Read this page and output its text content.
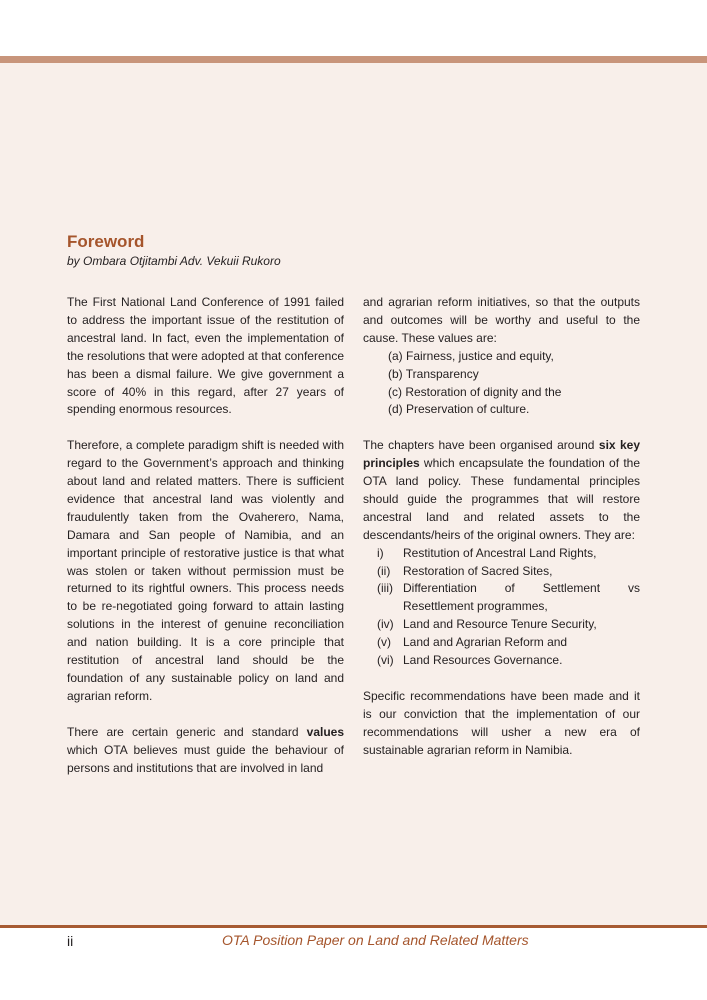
Foreword
by Ombara Otjitambi Adv. Vekuii Rukoro

The First National Land Conference of 1991 failed to address the important issue of the restitution of ancestral land. In fact, even the implementation of the resolutions that were adopted at that conference has been a dismal failure. We give government a score of 40% in this regard, after 27 years of spending enormous resources.

Therefore, a complete paradigm shift is needed with regard to the Government’s approach and thinking about land and related matters. There is sufficient evidence that ancestral land was violently and fraudulently taken from the Ovaherero, Nama, Damara and San people of Namibia, and an important principle of restorative justice is that what was stolen or taken without permission must be returned to its rightful owners. This process needs to be re-negotiated going forward to attain lasting solutions in the interest of genuine reconciliation and nation building. It is a core principle that restitution of ancestral land should be the foundation of any sustainable policy on land and agrarian reform.

There are certain generic and standard values which OTA believes must guide the behaviour of persons and institutions that are involved in land

and agrarian reform initiatives, so that the outputs and outcomes will be worthy and useful to the cause. These values are:

(a) Fairness, justice and equity,
(b) Transparency
(c) Restoration of dignity and the
(d) Preservation of culture.

The chapters have been organised around six key principles which encapsulate the foundation of the OTA land policy. These fundamental principles should guide the programmes that will restore ancestral land and related assets to the descendants/heirs of the original owners. They are:

i)	Restitution of Ancestral Land Rights,
(ii)	Restoration of Sacred Sites,
(iii) Differentiation of Settlement vs
Resettlement programmes,
(iv) Land and Resource Tenure Security,
(v)	Land and Agrarian Reform and
(vi) Land Resources Governance.

Specific recommendations have been made and it is our conviction that the implementation of our recommendations will usher a new era of sustainable agrarian reform in Namibia.

ii	OTA Position Paper on Land and Related Matters
